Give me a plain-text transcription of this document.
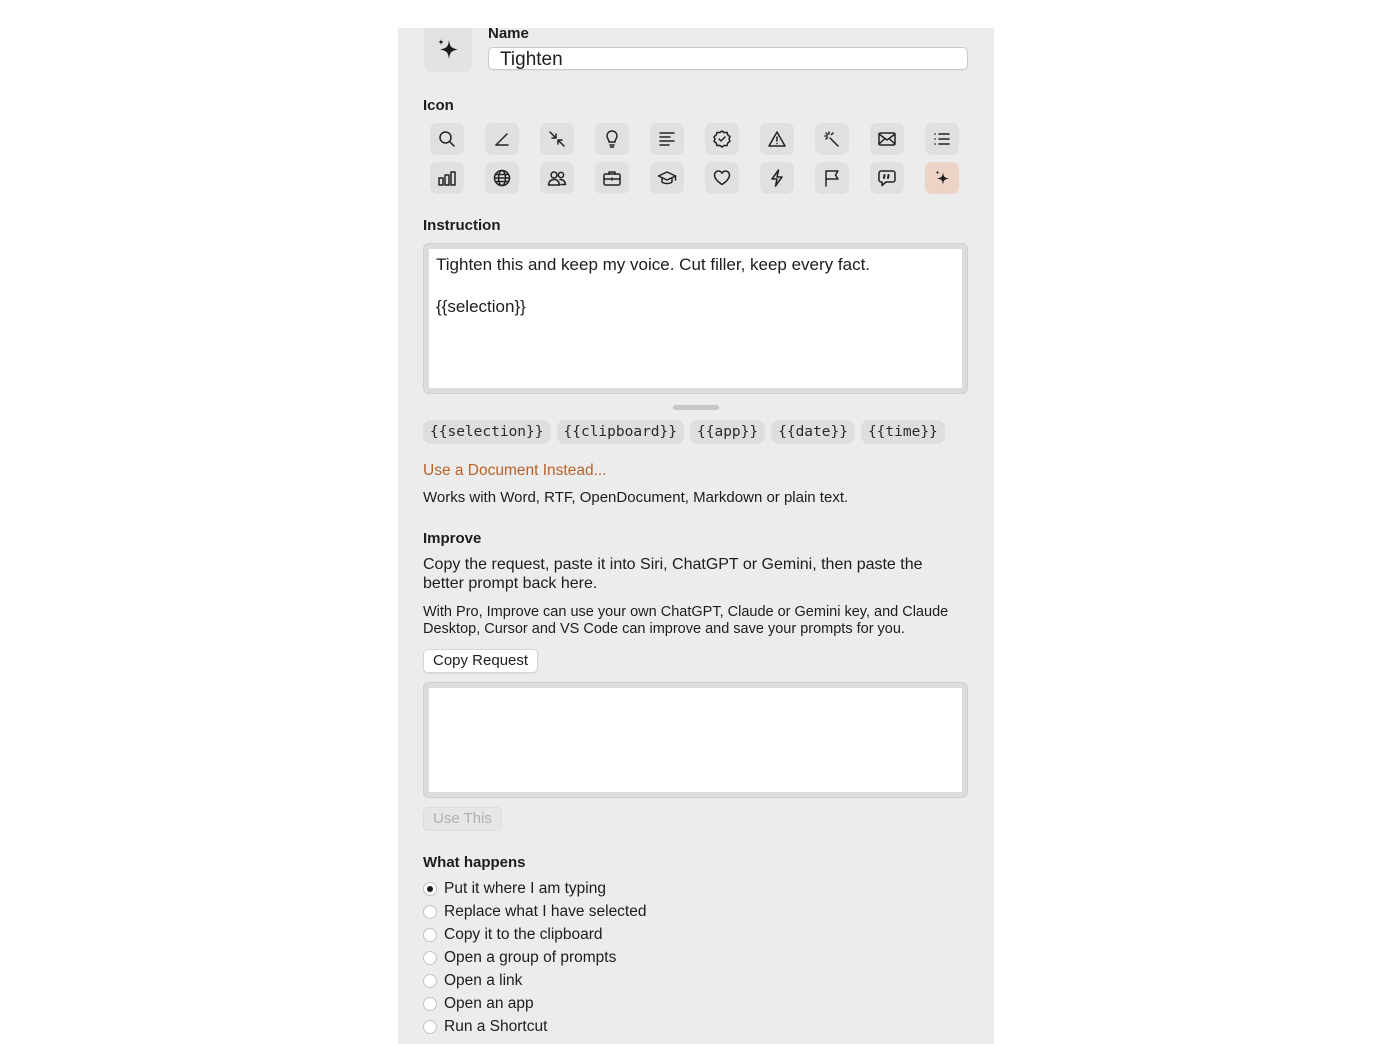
Name
Tighten
Icon
Instruction
Tighten this and keep my voice. Cut filler, keep every fact.

{{selection}}
{{selection}}	{{clipboard}}	{{app}}	{{date}}	{{time}}
Use a Document Instead...
Works with Word, RTF, OpenDocument, Markdown or plain text.
Improve
Copy the request, paste it into Siri, ChatGPT or Gemini, then paste the better prompt back here.
With Pro, Improve can use your own ChatGPT, Claude or Gemini key, and Claude Desktop, Cursor and VS Code can improve and save your prompts for you.
Copy Request
Use This
What happens
Put it where I am typing
Replace what I have selected
Copy it to the clipboard
Open a group of prompts
Open a link
Open an app
Run a Shortcut
